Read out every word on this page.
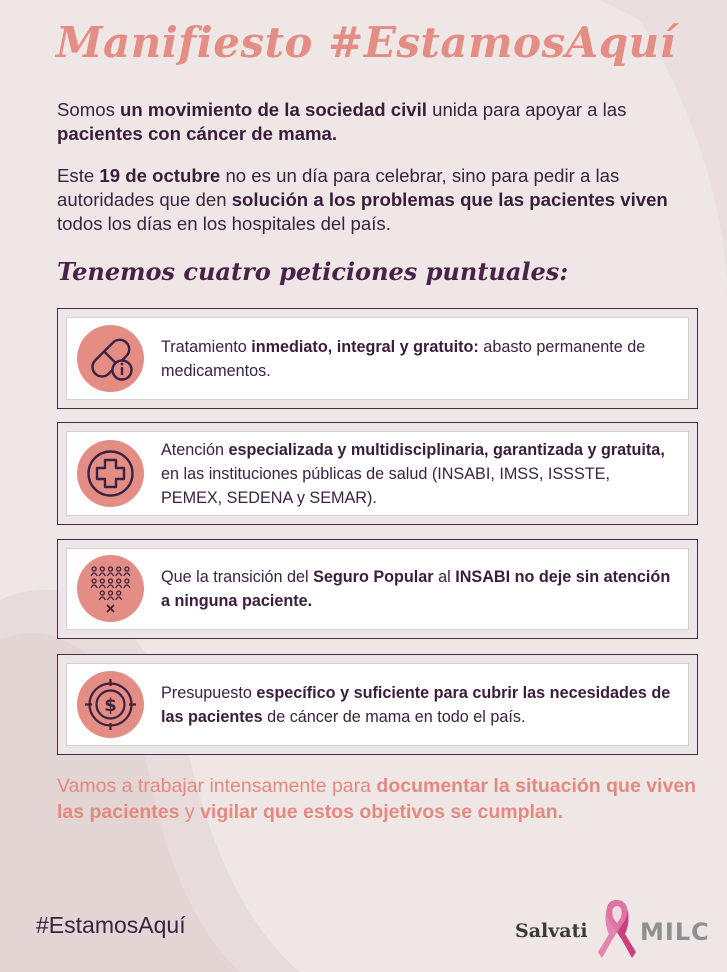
Manifiesto #EstamosAquí

Somos un movimiento de la sociedad civil unida para apoyar a las pacientes con cáncer de mama.

Este 19 de octubre no es un día para celebrar, sino para pedir a las autoridades que den solución a los problemas que las pacientes viven todos los días en los hospitales del país.

Tenemos cuatro peticiones puntuales:

Tratamiento inmediato, integral y gratuito: abasto permanente de medicamentos.

Atención especializada y multidisciplinaria, garantizada y gratuita, en las instituciones públicas de salud (INSABI, IMSS, ISSSTE, PEMEX, SEDENA y SEMAR).

Que la transición del Seguro Popular al INSABI no deje sin atención a ninguna paciente.

$

Presupuesto específico y suficiente para cubrir las necesidades de las pacientes de cáncer de mama en todo el país.

Vamos a trabajar intensamente para documentar la situación que viven las pacientes y vigilar que estos objetivos se cumplan.

#EstamosAquí	Salvati MILC
